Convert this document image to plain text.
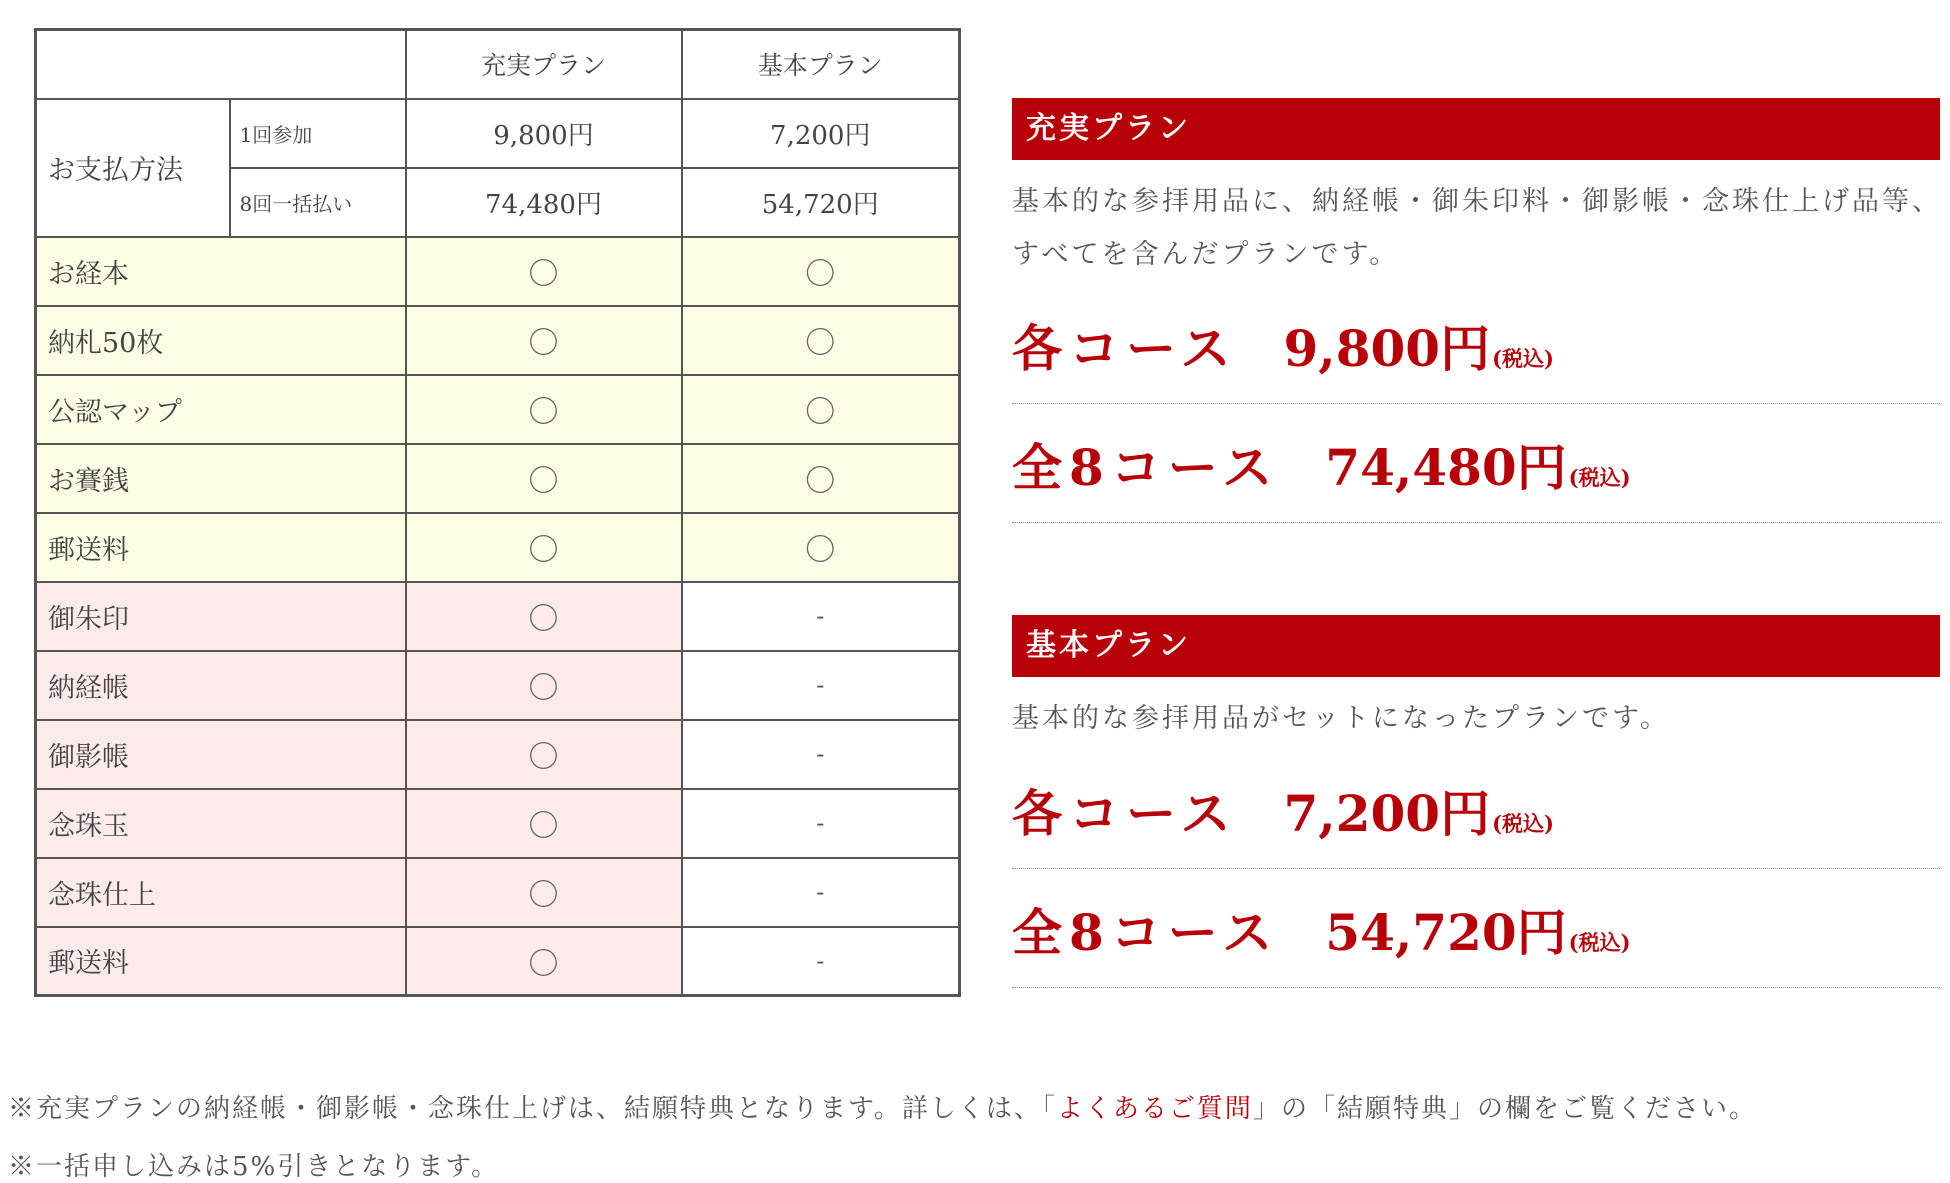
		充実プラン	基本プラン
お支払方法	1回参加	9,800円	7,200円
	8回一括払い	74,480円	54,720円
お経本		〇	〇
納札50枚		〇	〇
公認マップ		〇	〇
お賽銭		〇	〇
郵送料		〇	〇
御朱印		〇	-
納経帳		〇	-
御影帳		〇	-
念珠玉		〇	-
念珠仕上		〇	-
郵送料		〇	-
充実プラン
基本的な参拝用品に、納経帳・御朱印料・御影帳・念珠仕上げ品等、すべてを含んだプランです。
各コース 9,800円(税込)
全8コース 74,480円(税込)
基本プラン
基本的な参拝用品がセットになったプランです。
各コース 7,200円(税込)
全8コース 54,720円(税込)
※充実プランの納経帳・御影帳・念珠仕上げは、結願特典となります。詳しくは、「よくあるご質問」の「結願特典」の欄をご覧ください。
※一括申し込みは5%引きとなります。
